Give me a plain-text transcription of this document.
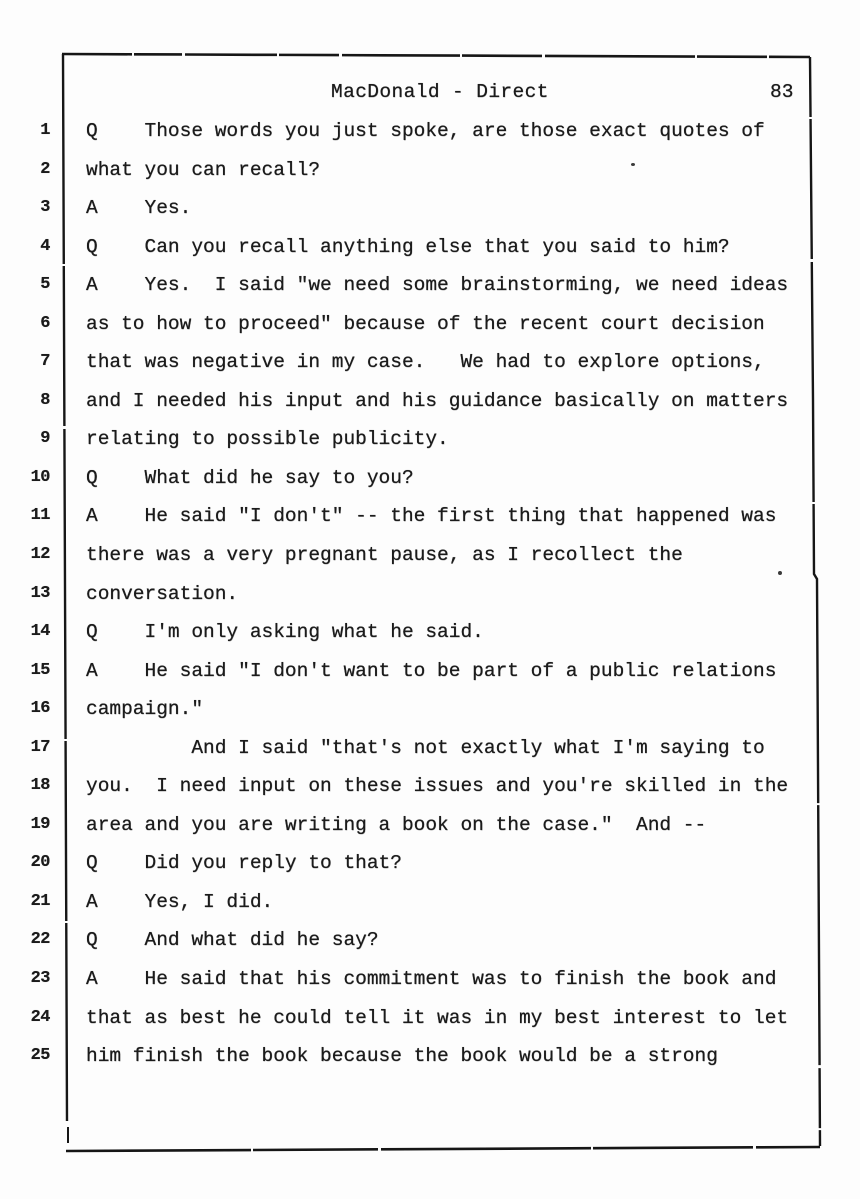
MacDonald - Direct	83
1
2
3
4
5
6
7
8
9
10
11
12
13
14
15
16
17
18
19
20
21
22
23
24
25
Q    Those words you just spoke, are those exact quotes of
what you can recall?
A    Yes.
Q    Can you recall anything else that you said to him?
A    Yes.  I said "we need some brainstorming, we need ideas
as to how to proceed" because of the recent court decision
that was negative in my case.   We had to explore options,
and I needed his input and his guidance basically on matters
relating to possible publicity.
Q    What did he say to you?
A    He said "I don't" -- the first thing that happened was
there was a very pregnant pause, as I recollect the
conversation.
Q    I'm only asking what he said.
A    He said "I don't want to be part of a public relations
campaign."
And I said "that's not exactly what I'm saying to
you.  I need input on these issues and you're skilled in the
area and you are writing a book on the case."  And --
Q    Did you reply to that?
A    Yes, I did.
Q    And what did he say?
A    He said that his commitment was to finish the book and
that as best he could tell it was in my best interest to let
him finish the book because the book would be a strong
